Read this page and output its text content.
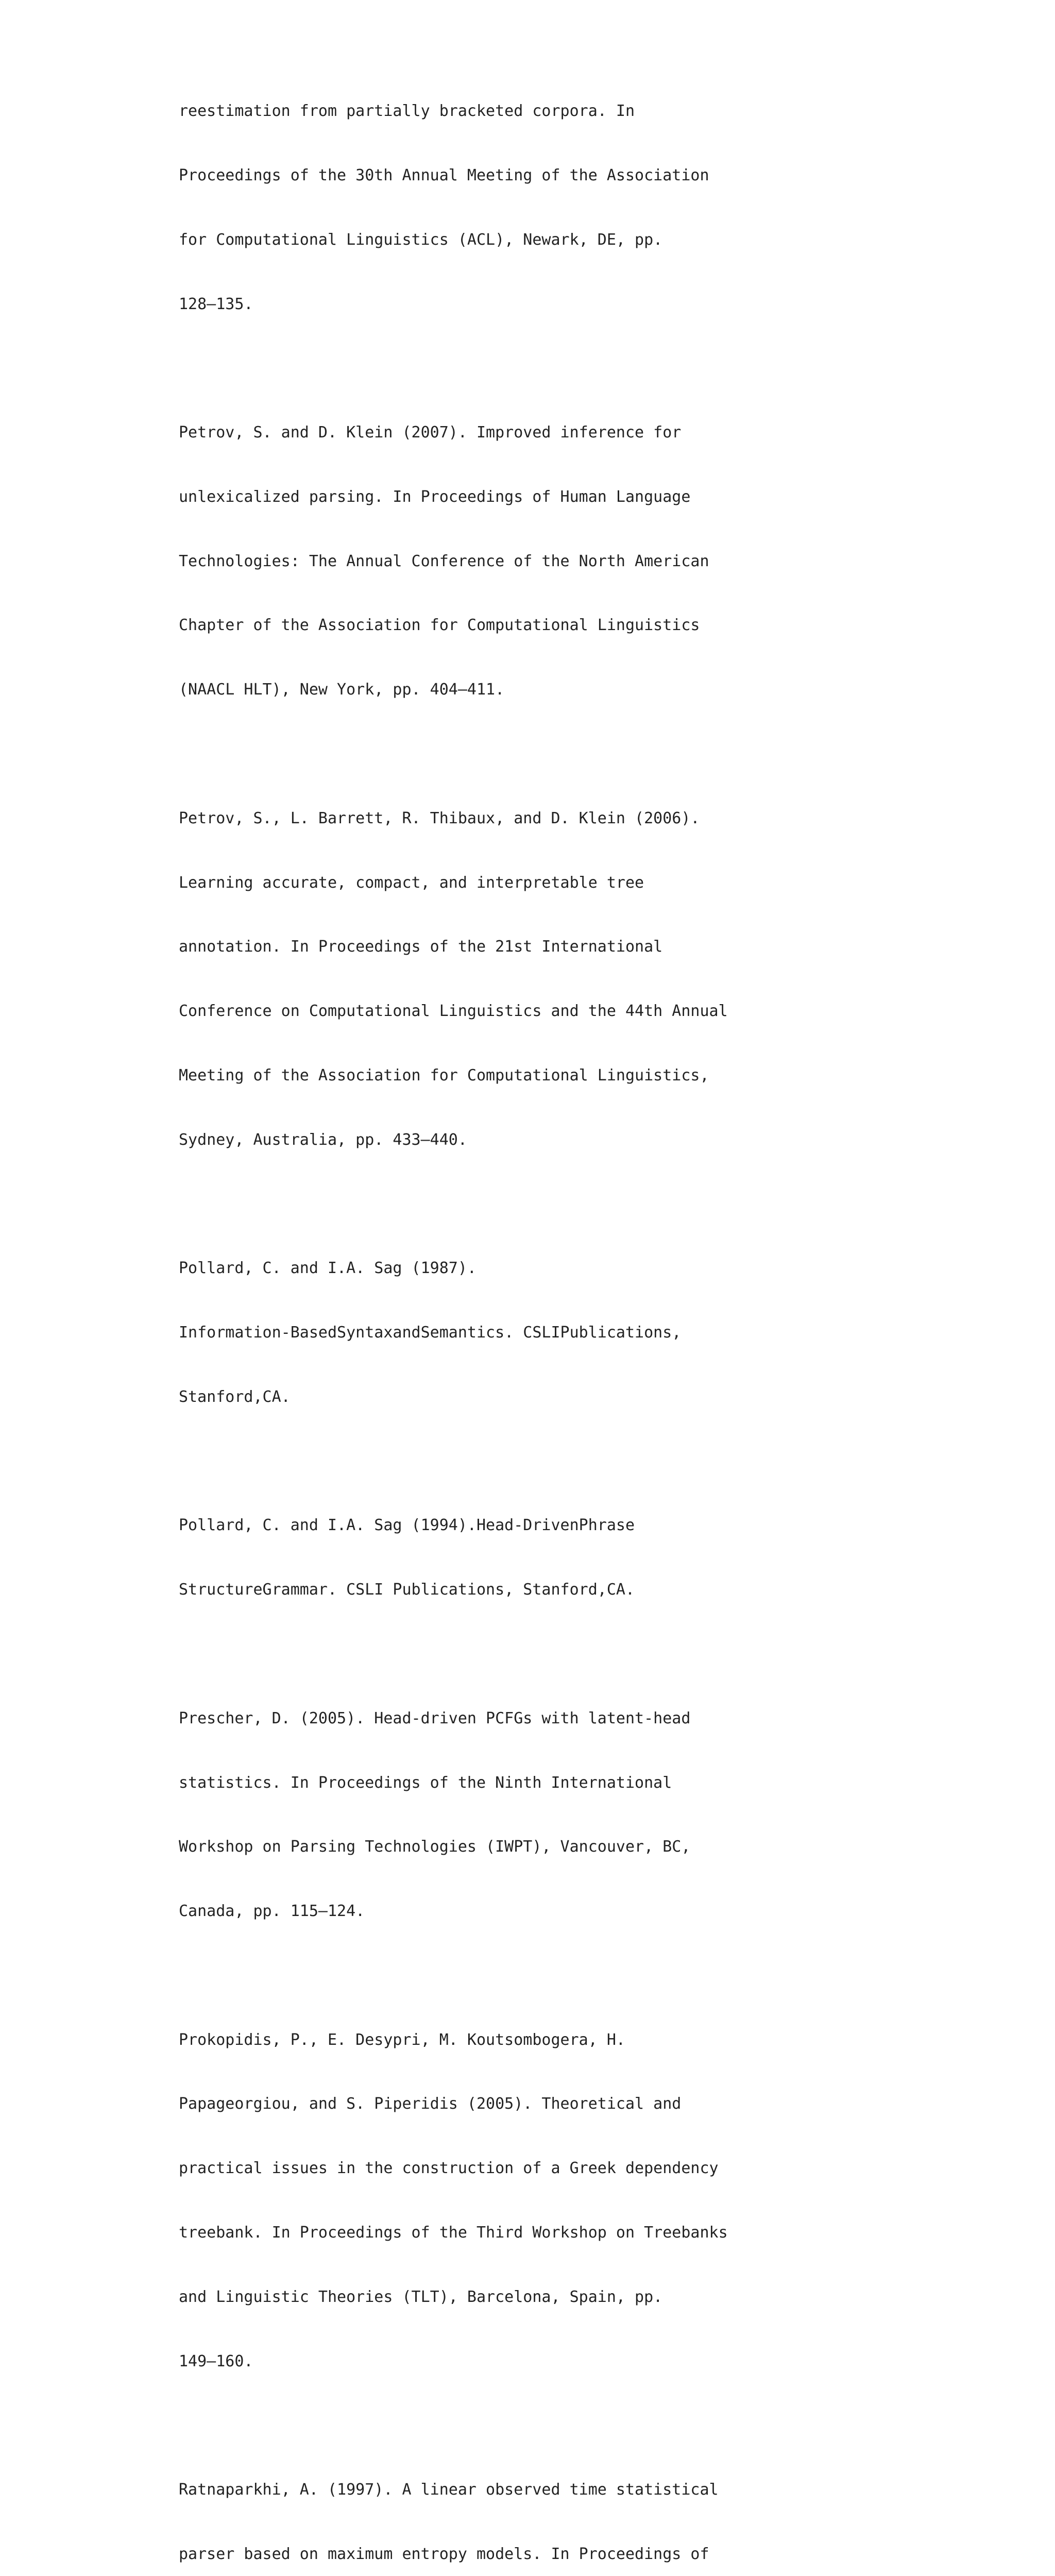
reestimation from partially bracketed corpora. In

Proceedings of the 30th Annual Meeting of the Association

for Computational Linguistics (ACL), Newark, DE, pp.

128–135.

Petrov, S. and D. Klein (2007). Improved inference for

unlexicalized parsing. In Proceedings of Human Language

Technologies: The Annual Conference of the North American

Chapter of the Association for Computational Linguistics

(NAACL HLT), New York, pp. 404–411.

Petrov, S., L. Barrett, R. Thibaux, and D. Klein (2006).

Learning accurate, compact, and interpretable tree

annotation. In Proceedings of the 21st International

Conference on Computational Linguistics and the 44th Annual

Meeting of the Association for Computational Linguistics,

Sydney, Australia, pp. 433–440.

Pollard, C. and I.A. Sag (1987).

Information-BasedSyntaxandSemantics. CSLIPublications,

Stanford,CA.

Pollard, C. and I.A. Sag (1994).Head-DrivenPhrase

StructureGrammar. CSLI Publications, Stanford,CA.

Prescher, D. (2005). Head-driven PCFGs with latent-head

statistics. In Proceedings of the Ninth International

Workshop on Parsing Technologies (IWPT), Vancouver, BC,

Canada, pp. 115–124.

Prokopidis, P., E. Desypri, M. Koutsombogera, H.

Papageorgiou, and S. Piperidis (2005). Theoretical and

practical issues in the construction of a Greek dependency

treebank. In Proceedings of the Third Workshop on Treebanks

and Linguistic Theories (TLT), Barcelona, Spain, pp.

149–160.

Ratnaparkhi, A. (1997). A linear observed time statistical

parser based on maximum entropy models. In Proceedings of
